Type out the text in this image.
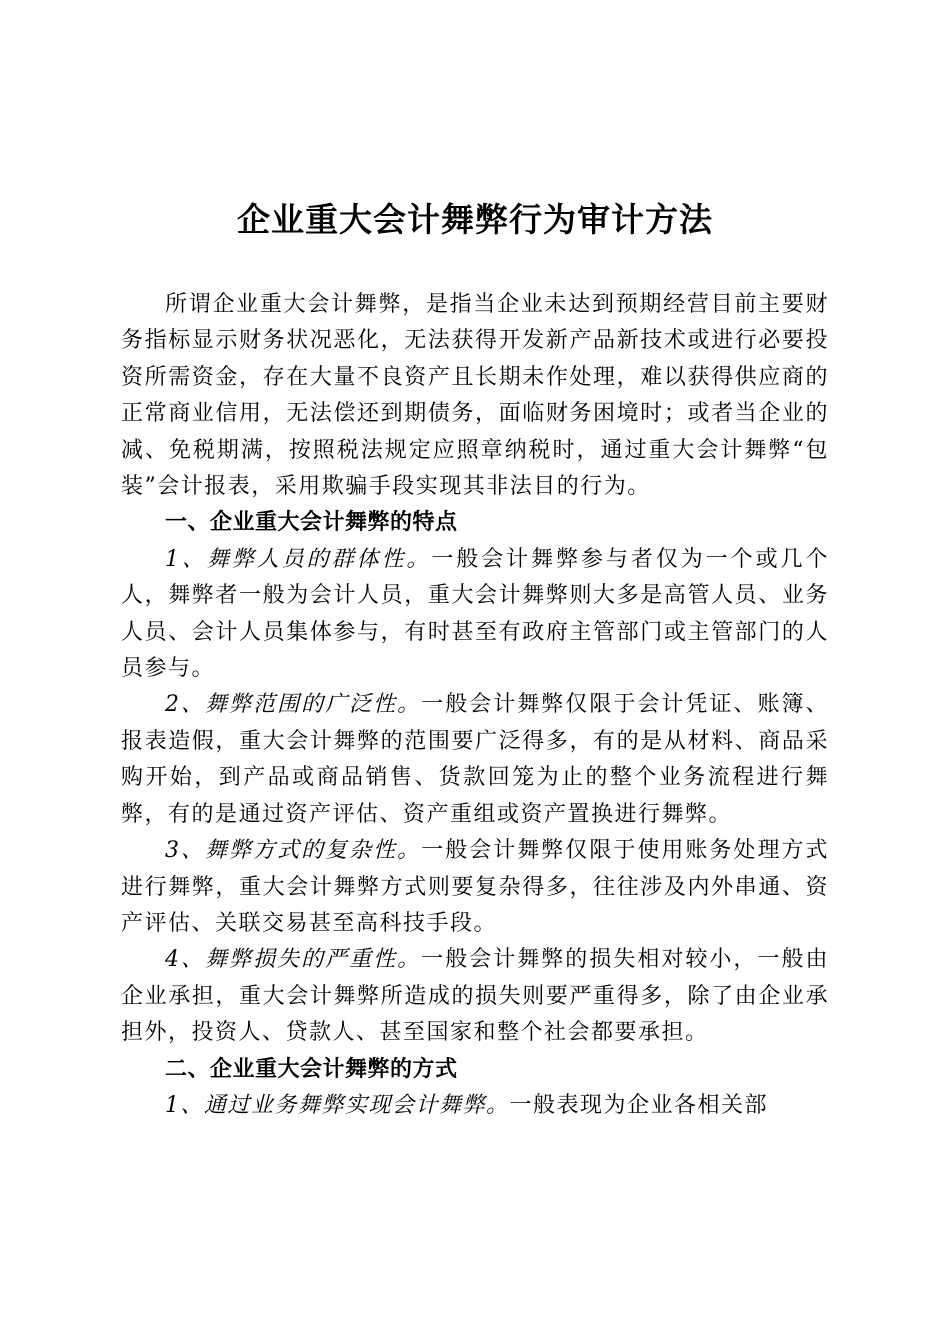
企业重大会计舞弊行为审计方法

所谓企业重大会计舞弊，是指当企业未达到预期经营目前主要财务指标显示财务状况恶化，无法获得开发新产品新技术或进行必要投资所需资金，存在大量不良资产且长期未作处理，难以获得供应商的正常商业信用，无法偿还到期债务，面临财务困境时；或者当企业的减、免税期满，按照税法规定应照章纳税时，通过重大会计舞弊“包装”会计报表，采用欺骗手段实现其非法目的行为。

一、企业重大会计舞弊的特点

1、舞弊人员的群体性。一般会计舞弊参与者仅为一个或几个人，舞弊者一般为会计人员，重大会计舞弊则大多是高管人员、业务人员、会计人员集体参与，有时甚至有政府主管部门或主管部门的人员参与。

2、舞弊范围的广泛性。一般会计舞弊仅限于会计凭证、账簿、报表造假，重大会计舞弊的范围要广泛得多，有的是从材料、商品采购开始，到产品或商品销售、货款回笼为止的整个业务流程进行舞弊，有的是通过资产评估、资产重组或资产置换进行舞弊。

3、舞弊方式的复杂性。一般会计舞弊仅限于使用账务处理方式进行舞弊，重大会计舞弊方式则要复杂得多，往往涉及内外串通、资产评估、关联交易甚至高科技手段。

4、舞弊损失的严重性。一般会计舞弊的损失相对较小，一般由企业承担，重大会计舞弊所造成的损失则要严重得多，除了由企业承担外，投资人、贷款人、甚至国家和整个社会都要承担。

二、企业重大会计舞弊的方式

1、通过业务舞弊实现会计舞弊。一般表现为企业各相关部
